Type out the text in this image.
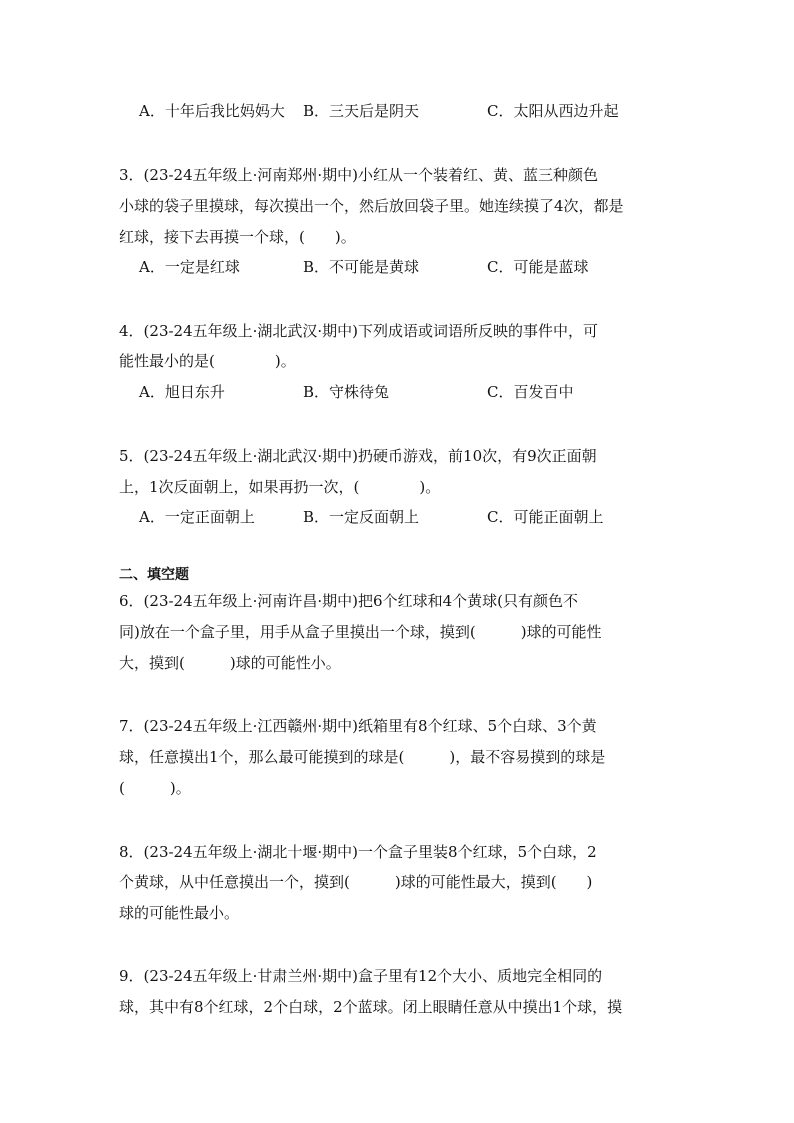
A．十年后我比妈妈大 B．三天后是阴天	C．太阳从西边升起
3．(23-24五年级上·河南郑州·期中)小红从一个装着红、黄、蓝三种颜色
小球的袋子里摸球，每次摸出一个，然后放回袋子里。她连续摸了4次，都是
红球，接下去再摸一个球，(　　)。
A．一定是红球	B．不可能是黄球	C．可能是蓝球
4．(23-24五年级上·湖北武汉·期中)下列成语或词语所反映的事件中，可
能性最小的是(　　　　)。
A．旭日东升	B．守株待兔	C．百发百中
5．(23-24五年级上·湖北武汉·期中)扔硬币游戏，前10次，有9次正面朝
上，1次反面朝上，如果再扔一次，(　　　　)。
A．一定正面朝上	B．一定反面朝上	C．可能正面朝上
二、填空题
6．(23-24五年级上·河南许昌·期中)把6个红球和4个黄球(只有颜色不
同)放在一个盒子里，用手从盒子里摸出一个球，摸到(　　　)球的可能性
大，摸到(　　　)球的可能性小。
7．(23-24五年级上·江西赣州·期中)纸箱里有8个红球、5个白球、3个黄
球，任意摸出1个，那么最可能摸到的球是(　　　)，最不容易摸到的球是
(　　　)。
8．(23-24五年级上·湖北十堰·期中)一个盒子里装8个红球，5个白球，2
个黄球，从中任意摸出一个，摸到(　　　)球的可能性最大，摸到(　　)
球的可能性最小。
9．(23-24五年级上·甘肃兰州·期中)盒子里有12个大小、质地完全相同的
球，其中有8个红球，2个白球，2个蓝球。闭上眼睛任意从中摸出1个球，摸
